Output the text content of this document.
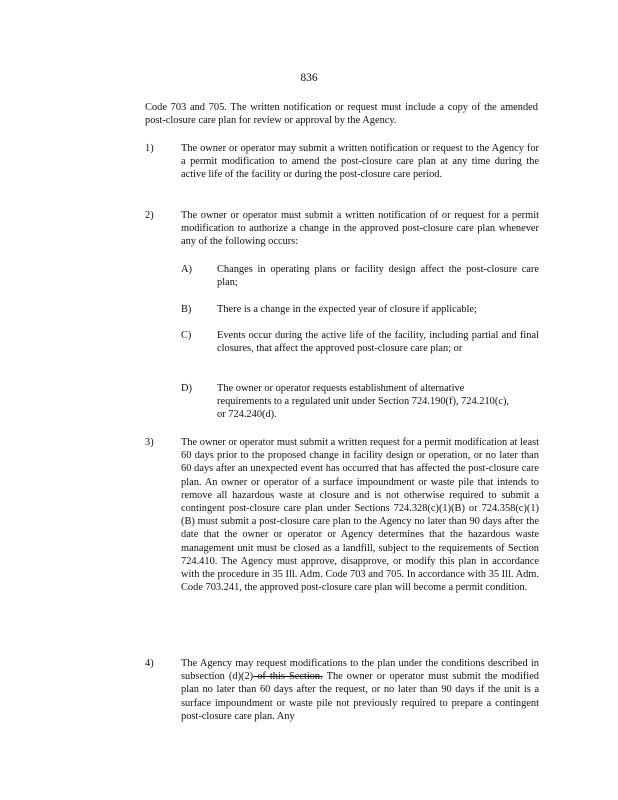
836
Code 703 and 705. The written notification or request must include a copy of the amended post-closure care plan for review or approval by the Agency.
1)	The owner or operator may submit a written notification or request to the Agency for a permit modification to amend the post-closure care plan at any time during the active life of the facility or during the post-closure care period.
2)	The owner or operator must submit a written notification of or request for a permit modification to authorize a change in the approved post-closure care plan whenever any of the following occurs:
A) Changes in operating plans or facility design affect the post-closure care plan;
B) There is a change in the expected year of closure if applicable;
C) Events occur during the active life of the facility, including partial and final closures, that affect the approved post-closure care plan; or
D) The owner or operator requests establishment of alternative requirements to a regulated unit under Section 724.190(f), 724.210(c), or 724.240(d).
3)	The owner or operator must submit a written request for a permit modification at least 60 days prior to the proposed change in facility design or operation, or no later than 60 days after an unexpected event has occurred that has affected the post-closure care plan. An owner or operator of a surface impoundment or waste pile that intends to remove all hazardous waste at closure and is not otherwise required to submit a contingent post-closure care plan under Sections 724.328(c)(1)(B) or 724.358(c)(1)(B) must submit a post-closure care plan to the Agency no later than 90 days after the date that the owner or operator or Agency determines that the hazardous waste management unit must be closed as a landfill, subject to the requirements of Section 724.410. The Agency must approve, disapprove, or modify this plan in accordance with the procedure in 35 Ill. Adm. Code 703 and 705. In accordance with 35 Ill. Adm. Code 703.241, the approved post-closure care plan will become a permit condition.
4)	The Agency may request modifications to the plan under the conditions described in subsection (d)(2) of this Section. The owner or operator must submit the modified plan no later than 60 days after the request, or no later than 90 days if the unit is a surface impoundment or waste pile not previously required to prepare a contingent post-closure care plan. Any
